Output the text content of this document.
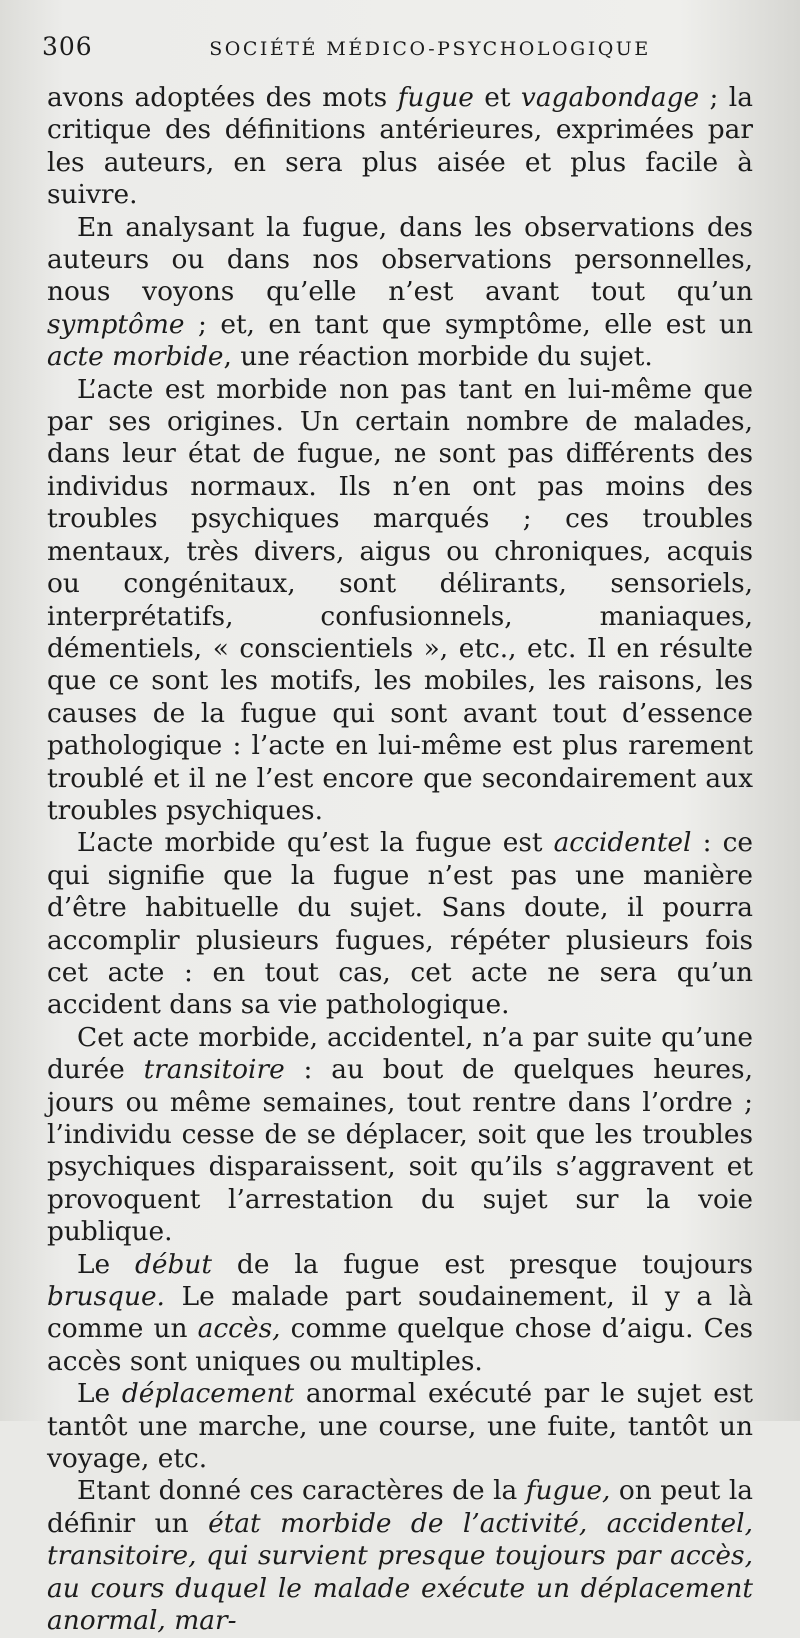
306	SOCIÉTÉ MÉDICO-PSYCHOLOGIQUE

avons adoptées des mots fugue et vagabondage ; la critique des définitions antérieures, exprimées par les auteurs, en sera plus aisée et plus facile à suivre.

En analysant la fugue, dans les observations des auteurs ou dans nos observations personnelles, nous voyons qu’elle n’est avant tout qu’un symptôme ; et, en tant que symptôme, elle est un acte morbide, une réaction morbide du sujet.

L’acte est morbide non pas tant en lui-même que par ses origines. Un certain nombre de malades, dans leur état de fugue, ne sont pas différents des individus normaux. Ils n’en ont pas moins des troubles psychiques marqués ; ces troubles mentaux, très divers, aigus ou chroniques, acquis ou congénitaux, sont délirants, sensoriels, interprétatifs, confusionnels, maniaques, démentiels, « conscientiels », etc., etc. Il en résulte que ce sont les motifs, les mobiles, les raisons, les causes de la fugue qui sont avant tout d’essence pathologique : l’acte en lui-même est plus rarement troublé et il ne l’est encore que secondairement aux troubles psychiques.

L’acte morbide qu’est la fugue est accidentel : ce qui signifie que la fugue n’est pas une manière d’être habituelle du sujet. Sans doute, il pourra accomplir plusieurs fugues, répéter plusieurs fois cet acte : en tout cas, cet acte ne sera qu’un accident dans sa vie pathologique.

Cet acte morbide, accidentel, n’a par suite qu’une durée transitoire : au bout de quelques heures, jours ou même semaines, tout rentre dans l’ordre ; l’individu cesse de se déplacer, soit que les troubles psychiques disparaissent, soit qu’ils s’aggravent et provoquent l’arrestation du sujet sur la voie publique.

Le début de la fugue est presque toujours brusque. Le malade part soudainement, il y a là comme un accès, comme quelque chose d’aigu. Ces accès sont uniques ou multiples.

Le déplacement anormal exécuté par le sujet est tantôt une marche, une course, une fuite, tantôt un voyage, etc.

Etant donné ces caractères de la fugue, on peut la définir un état morbide de l’activité, accidentel, transitoire, qui survient presque toujours par accès, au cours duquel le malade exécute un déplacement anormal, mar-
